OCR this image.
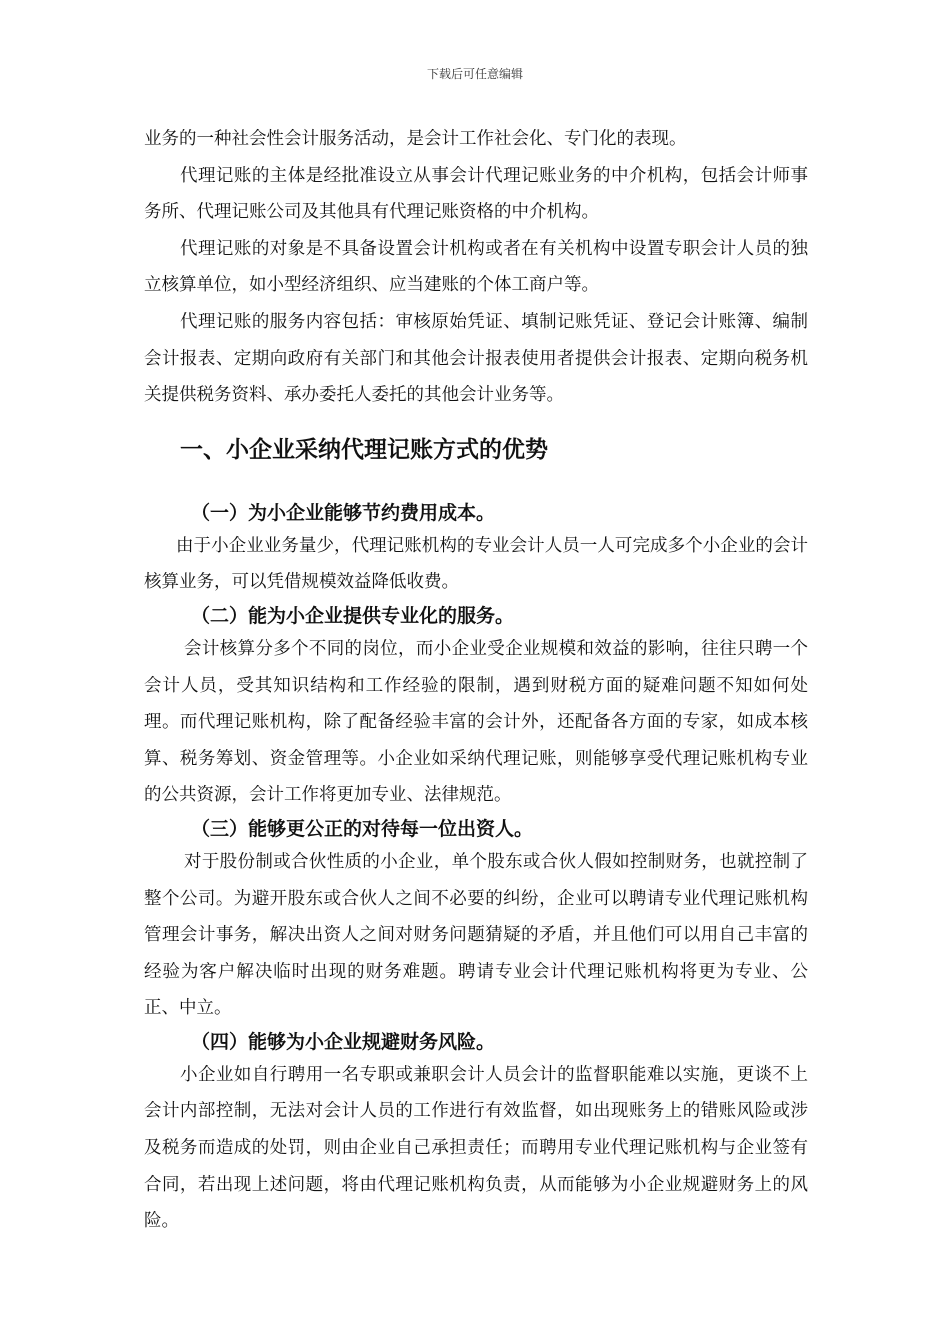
下载后可任意编辑

业务的一种社会性会计服务活动，是会计工作社会化、专门化的表现。

代理记账的主体是经批准设立从事会计代理记账业务的中介机构，包括会计师事务所、代理记账公司及其他具有代理记账资格的中介机构。

代理记账的对象是不具备设置会计机构或者在有关机构中设置专职会计人员的独立核算单位，如小型经济组织、应当建账的个体工商户等。

代理记账的服务内容包括：审核原始凭证、填制记账凭证、登记会计账簿、编制会计报表、定期向政府有关部门和其他会计报表使用者提供会计报表、定期向税务机关提供税务资料、承办委托人委托的其他会计业务等。

一、小企业采纳代理记账方式的优势
（一）为小企业能够节约费用成本。

由于小企业业务量少，代理记账机构的专业会计人员一人可完成多个小企业的会计核算业务，可以凭借规模效益降低收费。

（二）能为小企业提供专业化的服务。

会计核算分多个不同的岗位，而小企业受企业规模和效益的影响，往往只聘一个会计人员，受其知识结构和工作经验的限制，遇到财税方面的疑难问题不知如何处理。而代理记账机构，除了配备经验丰富的会计外，还配备各方面的专家，如成本核算、税务筹划、资金管理等。小企业如采纳代理记账，则能够享受代理记账机构专业的公共资源，会计工作将更加专业、法律规范。

（三）能够更公正的对待每一位出资人。

对于股份制或合伙性质的小企业，单个股东或合伙人假如控制财务，也就控制了整个公司。为避开股东或合伙人之间不必要的纠纷，企业可以聘请专业代理记账机构管理会计事务，解决出资人之间对财务问题猜疑的矛盾，并且他们可以用自己丰富的经验为客户解决临时出现的财务难题。聘请专业会计代理记账机构将更为专业、公正、中立。

（四）能够为小企业规避财务风险。

小企业如自行聘用一名专职或兼职会计人员会计的监督职能难以实施，更谈不上会计内部控制，无法对会计人员的工作进行有效监督，如出现账务上的错账风险或涉及税务而造成的处罚，则由企业自己承担责任；而聘用专业代理记账机构与企业签有合同，若出现上述问题，将由代理记账机构负责，从而能够为小企业规避财务上的风险。
